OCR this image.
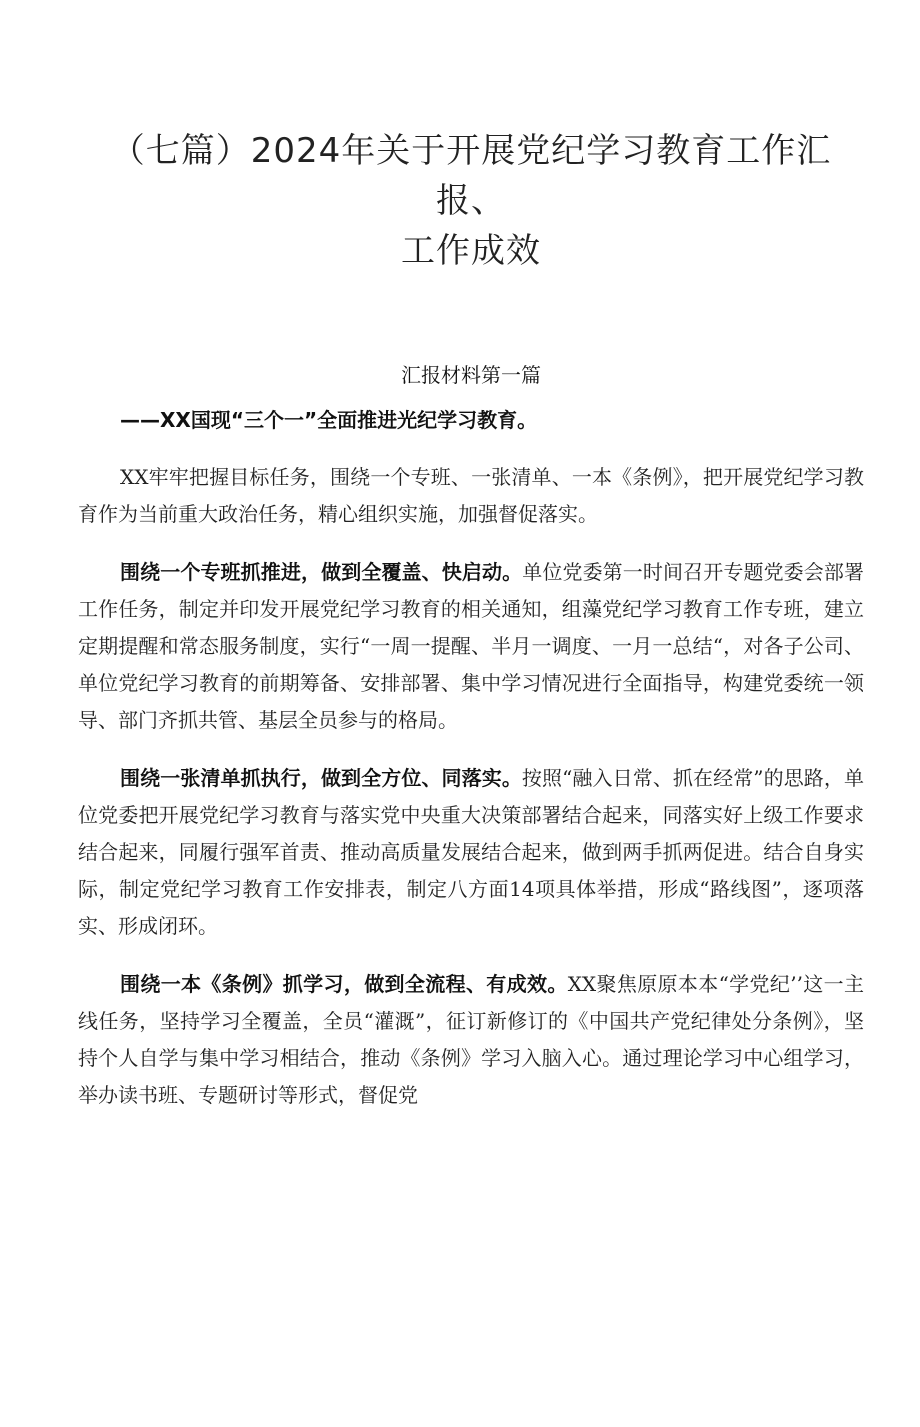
（七篇）2024年关于开展党纪学习教育工作汇报、
工作成效
汇报材料第一篇

——XX国现“三个一”全面推进光纪学习教育。

XX牢牢把握目标任务，围绕一个专班、一张清单、一本《条例》，把开展党纪学习教育作为当前重大政治任务，精心组织实施，加强督促落实。

围绕一个专班抓推进，做到全覆盖、快启动。单位党委第一时间召开专题党委会部署工作任务，制定并印发开展党纪学习教育的相关通知，组藻党纪学习教育工作专班，建立定期提醒和常态服务制度，实行“一周一提醒、半月一调度、一月一总结“，对各子公司、单位党纪学习教育的前期筹备、安排部署、集中学习情况进行全面指导，构建党委统一领导、部门齐抓共管、基层全员参与的格局。

围绕一张清单抓执行，做到全方位、同落实。按照“融入日常、抓在经常”的思路，单位党委把开展党纪学习教育与落实党中央重大决策部署结合起来，同落实好上级工作要求结合起来，同履行强军首责、推动高质量发展结合起来，做到两手抓两促进。结合自身实际，制定党纪学习教育工作安排表，制定八方面14项具体举措，形成“路线图”，逐项落实、形成闭环。

围绕一本《条例》抓学习，做到全流程、有成效。XX聚焦原原本本“学党纪’’这一主线任务，坚持学习全覆盖，全员“灌溉”，征订新修订的《中国共产党纪律处分条例》，坚持个人自学与集中学习相结合，推动《条例》学习入脑入心。通过理论学习中心组学习，举办读书班、专题研讨等形式，督促党
